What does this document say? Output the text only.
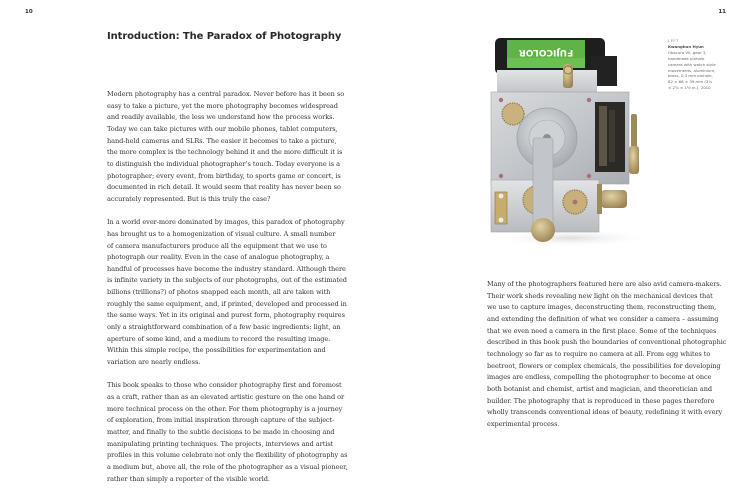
10
Introduction: The Paradox of Photography

Modern photography has a central paradox. Never before has it been so
easy to take a picture, yet the more photography becomes widespread
and readily available, the less we understand how the process works.
Today we can take pictures with our mobile phones, tablet computers,
hand-held cameras and SLRs. The easier it becomes to take a picture,
the more complex is the technology behind it and the more difficult it is
to distinguish the individual photographer’s touch. Today everyone is a
photographer; every event, from birthday, to sports game or concert, is
documented in rich detail. It would seem that reality has never been so
accurately represented. But is this truly the case?

In a world ever-more dominated by images, this paradox of photography
has brought us to a homogenization of visual culture. A small number
of camera manufacturers produce all the equipment that we use to
photograph our reality. Even in the case of analogue photography, a
handful of processes have become the industry standard. Although there
is infinite variety in the subjects of our photographs, out of the estimated
billions (trillions?) of photos snapped each month, all are taken with
roughly the same equipment, and, if printed, developed and processed in
the same ways. Yet in its original and purest form, photography requires
only a straightforward combination of a few basic ingredients: light, an
aperture of some kind, and a medium to record the resulting image.
Within this simple recipe, the possibilities for experimentation and
variation are nearly endless.

This book speaks to those who consider photography first and foremost
as a craft, rather than as an elevated artistic gesture on the one hand or
mere technical process on the other. For them photography is a journey
of exploration, from initial inspiration through capture of the subject-
matter, and finally to the subtle decisions to be made in choosing and
manipulating printing techniques. The projects, interviews and artist
profiles in this volume celebrate not only the flexibility of photography as
a medium but, above all, the role of the photographer as a visual pioneer,
rather than simply a reporter of the visible world.

11
FUJICOLOR
LEFT
Kwanghun Hyun
Obscura VII, gear 3,
handmade pinhole
camera with watch style
movements, aluminium,
brass, 0.3 mm pinhole,
82 × 66 × 39 mm (3¼
× 2⅝ × 1½ in.), 2010

Many of the photographers featured here are also avid camera-makers.
Their work sheds revealing new light on the mechanical devices that
we use to capture images, deconstructing them, reconstructing them,
and extending the definition of what we consider a camera – assuming
that we even need a camera in the first place. Some of the techniques
described in this book push the boundaries of conventional photographic
technology so far as to require no camera at all. From egg whites to
beetroot, flowers or complex chemicals, the possibilities for developing
images are endless, compelling the photographer to become at once
both botanist and chemist, artist and magician, and theoretician and
builder. The photography that is reproduced in these pages therefore
wholly transcends conventional ideas of beauty, redefining it with every
experimental process.
